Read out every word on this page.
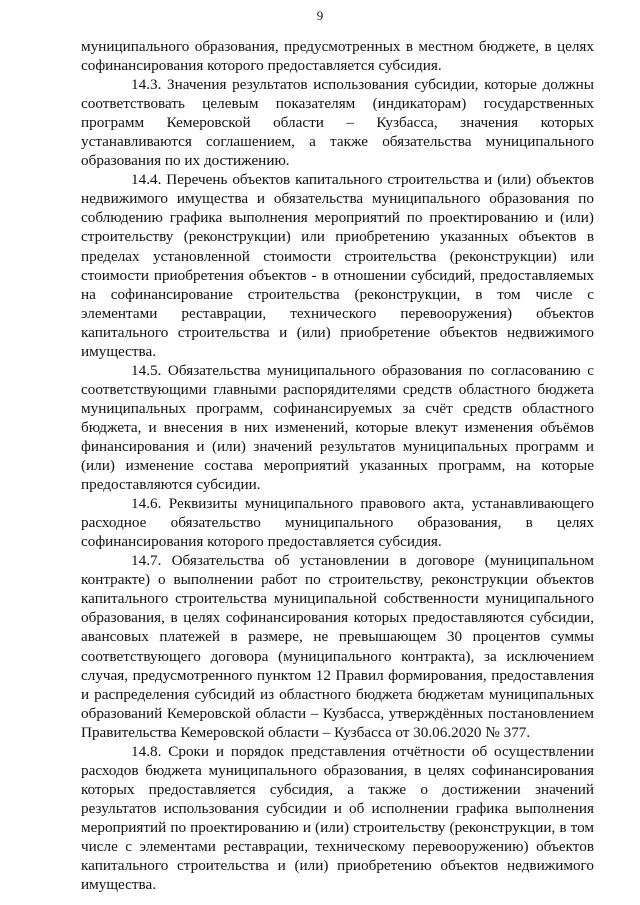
9

муниципального образования, предусмотренных в местном бюджете, в целях софинансирования которого предоставляется субсидия.

14.3. Значения результатов использования субсидии, которые должны соответствовать целевым показателям (индикаторам) государственных программ Кемеровской области – Кузбасса, значения которых устанавливаются соглашением, а также обязательства муниципального образования по их достижению.

14.4. Перечень объектов капитального строительства и (или) объектов недвижимого имущества и обязательства муниципального образования по соблюдению графика выполнения мероприятий по проектированию и (или) строительству (реконструкции) или приобретению указанных объектов в пределах установленной стоимости строительства (реконструкции) или стоимости приобретения объектов - в отношении субсидий, предоставляемых на софинансирование строительства (реконструкции, в том числе с элементами реставрации, технического перевооружения) объектов капитального строительства и (или) приобретение объектов недвижимого имущества.

14.5. Обязательства муниципального образования по согласованию с соответствующими главными распорядителями средств областного бюджета муниципальных программ, софинансируемых за счёт средств областного бюджета, и внесения в них изменений, которые влекут изменения объёмов финансирования и (или) значений результатов муниципальных программ и (или) изменение состава мероприятий указанных программ, на которые предоставляются субсидии.

14.6. Реквизиты муниципального правового акта, устанавливающего расходное обязательство муниципального образования, в целях софинансирования которого предоставляется субсидия.

14.7. Обязательства об установлении в договоре (муниципальном контракте) о выполнении работ по строительству, реконструкции объектов капитального строительства муниципальной собственности муниципального образования, в целях софинансирования которых предоставляются субсидии, авансовых платежей в размере, не превышающем 30 процентов суммы соответствующего договора (муниципального контракта), за исключением случая, предусмотренного пунктом 12 Правил формирования, предоставления и распределения субсидий из областного бюджета бюджетам муниципальных образований Кемеровской области – Кузбасса, утверждённых постановлением Правительства Кемеровской области – Кузбасса от 30.06.2020 № 377.

14.8. Сроки и порядок представления отчётности об осуществлении расходов бюджета муниципального образования, в целях софинансирования которых предоставляется субсидия, а также о достижении значений результатов использования субсидии и об исполнении графика выполнения мероприятий по проектированию и (или) строительству (реконструкции, в том числе с элементами реставрации, техническому перевооружению) объектов капитального строительства и (или) приобретению объектов недвижимого имущества.
